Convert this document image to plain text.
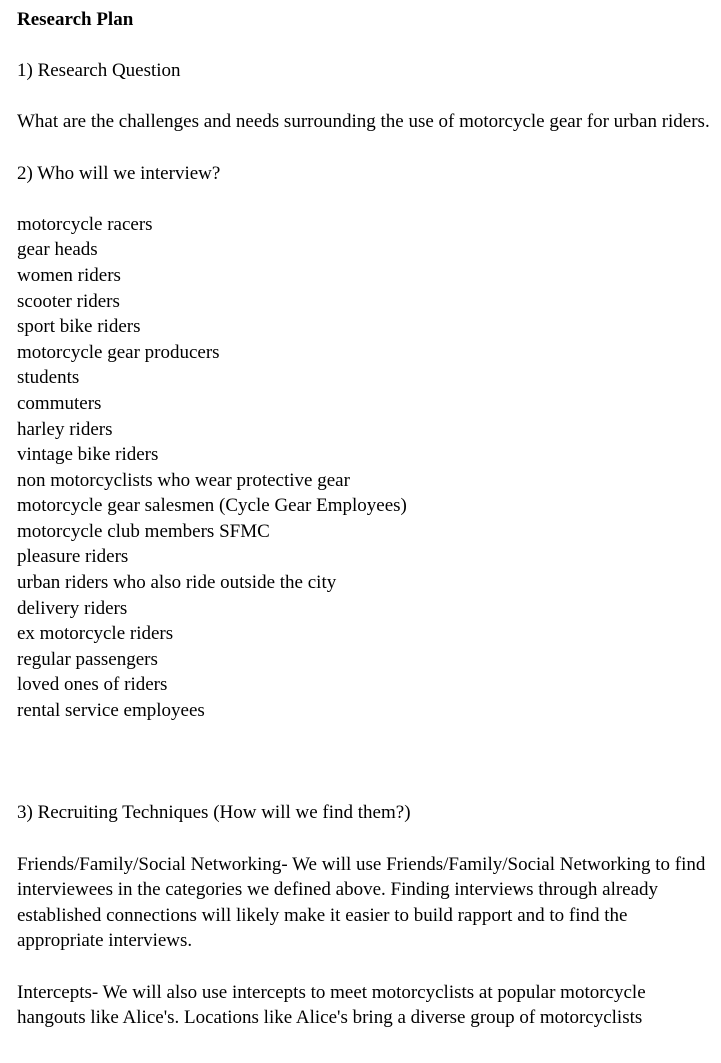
Research Plan

1) Research Question

What are the challenges and needs surrounding the use of motorcycle gear for urban riders.

2) Who will we interview?

motorcycle racers
gear heads
women riders
scooter riders
sport bike riders
motorcycle gear producers
students
commuters
harley riders
vintage bike riders
non motorcyclists who wear protective gear
motorcycle gear salesmen (Cycle Gear Employees)
motorcycle club members SFMC
pleasure riders
urban riders who also ride outside the city
delivery riders
ex motorcycle riders
regular passengers
loved ones of riders
rental service employees

3) Recruiting Techniques (How will we find them?)

Friends/Family/Social Networking- We will use Friends/Family/Social Networking to find interviewees in the categories we defined above. Finding interviews through already established connections will likely make it easier to build rapport and to find the appropriate interviews.

Intercepts- We will also use intercepts to meet motorcyclists at popular motorcycle hangouts like Alice's. Locations like Alice's bring a diverse group of motorcyclists
